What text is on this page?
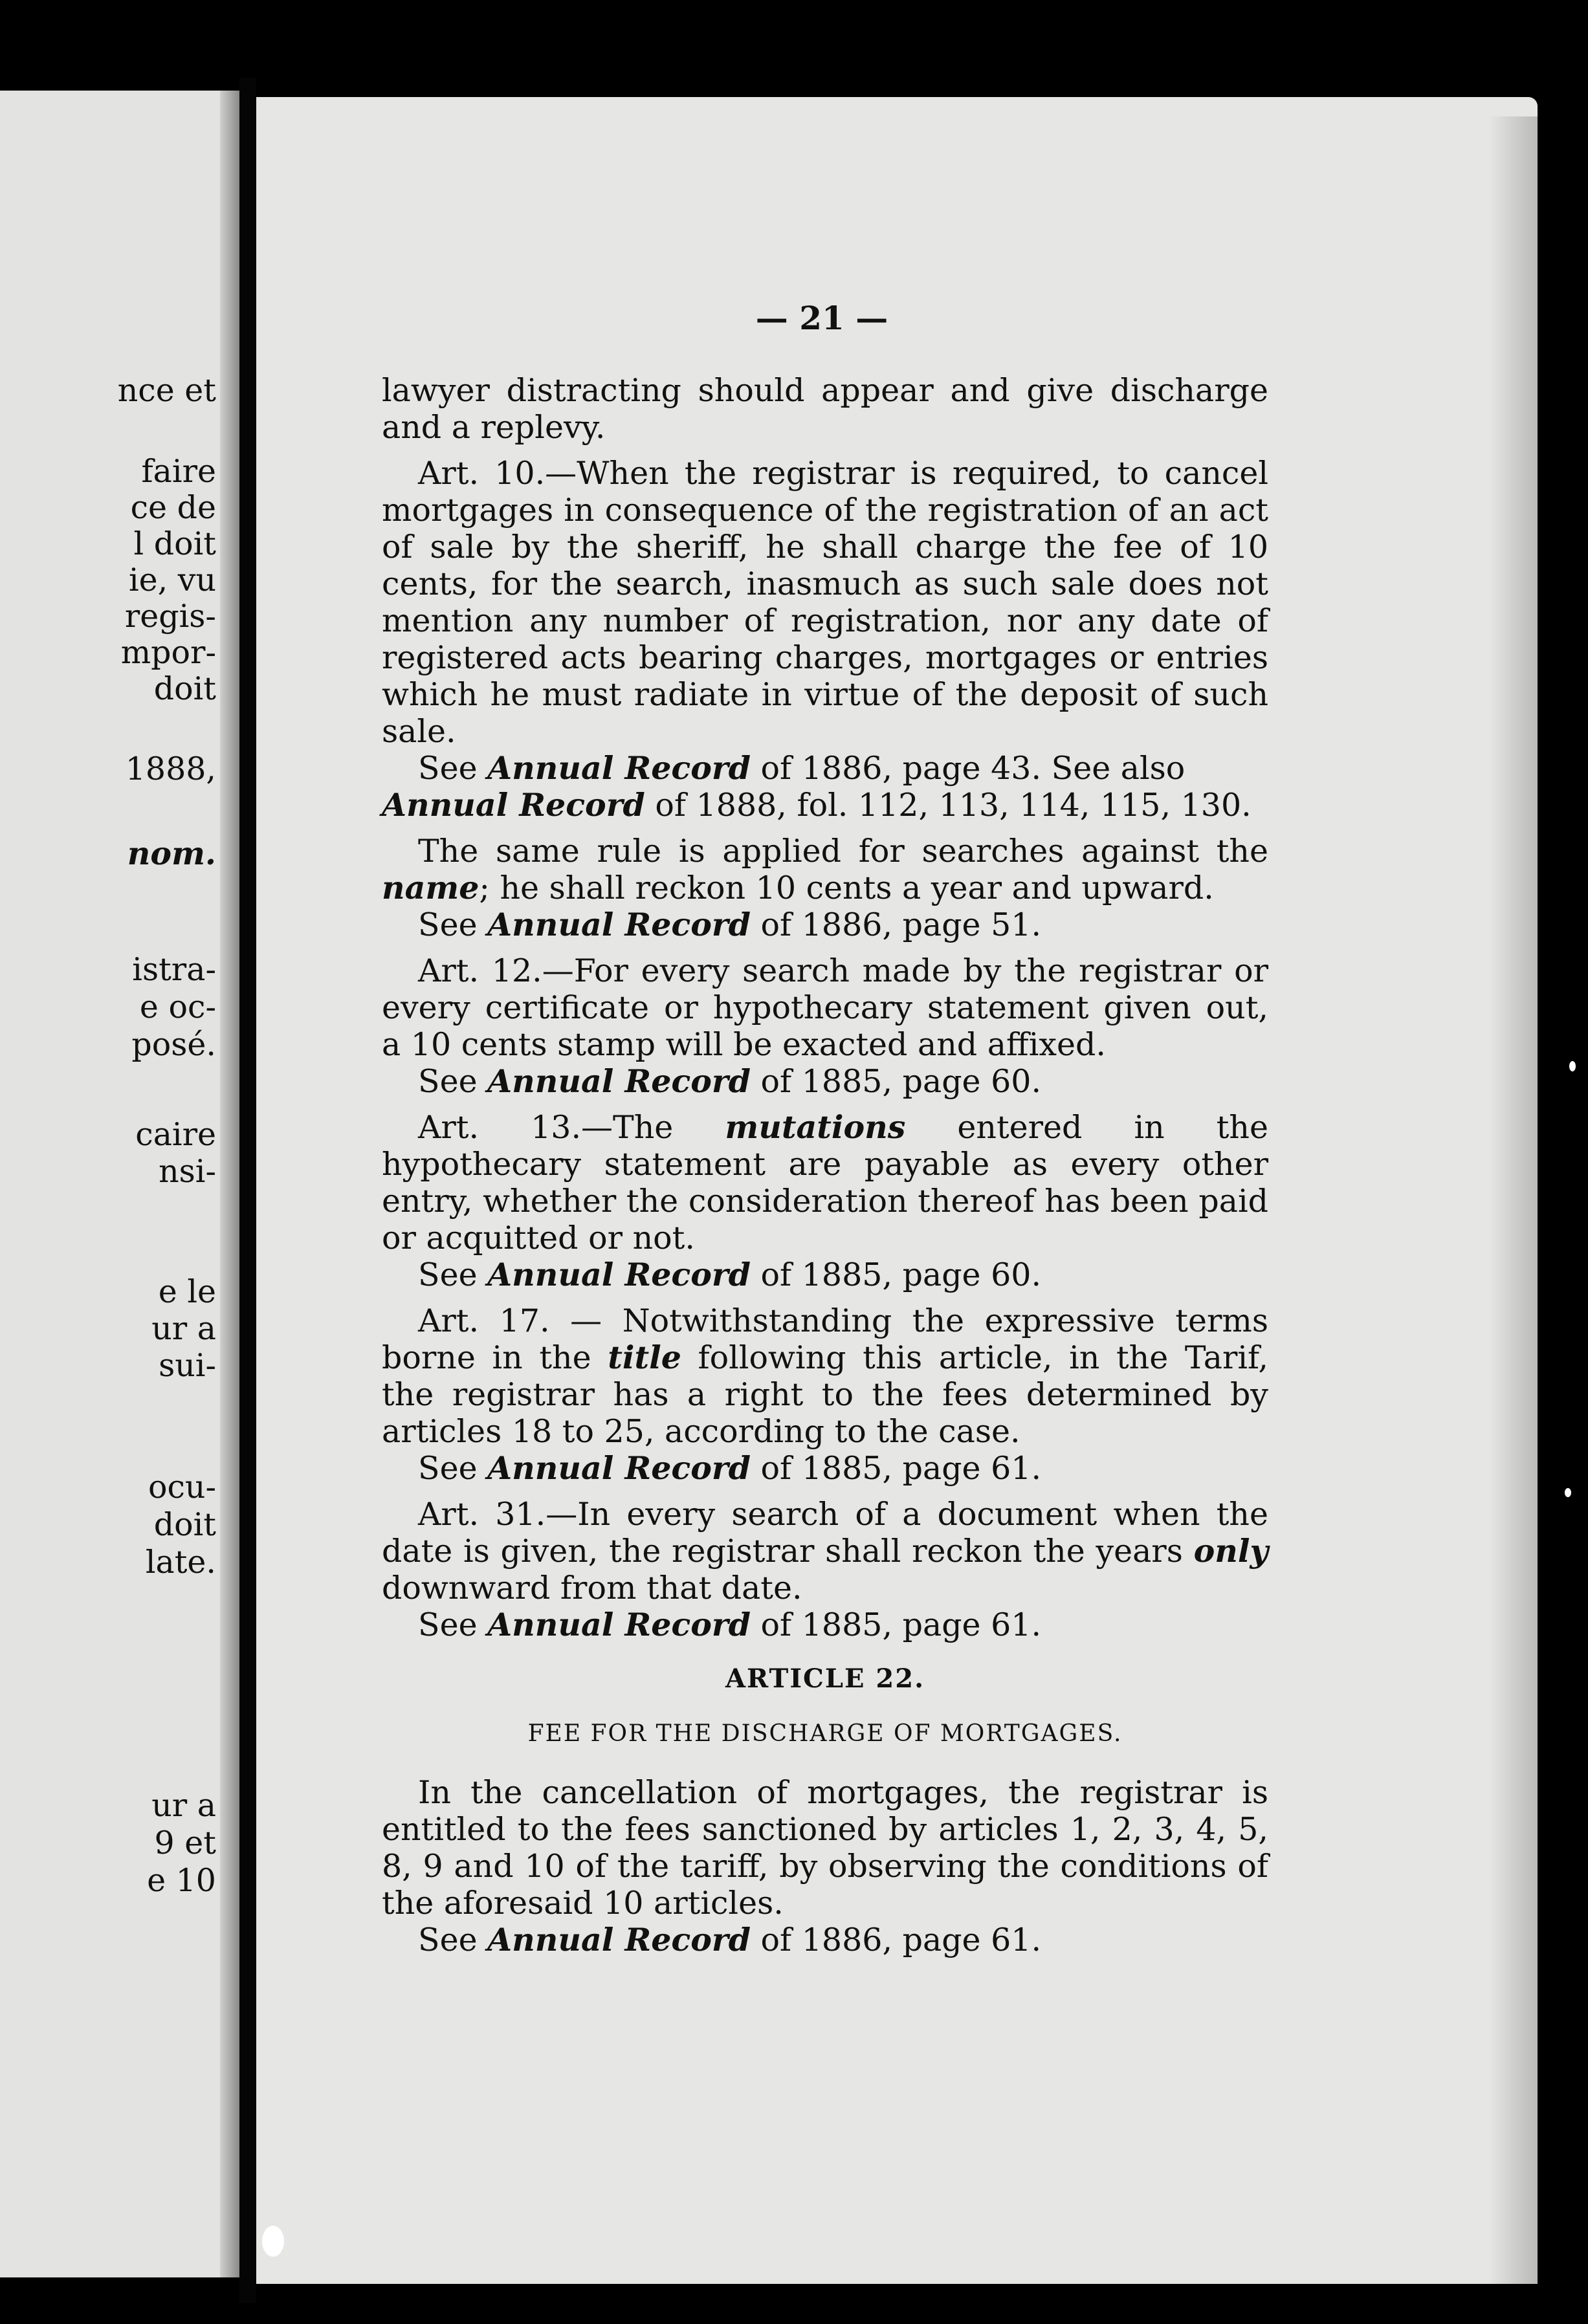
nce et
faire
ce de
l doit
ie, vu
regis-
mpor-
doit
1888,
nom.
istra-
e oc-
posé.
caire
nsi-
e le
ur a
sui-
ocu-
doit
late.
ur a
9 et
e 10
— 21 —

lawyer distracting should appear and give discharge and a replevy.

Art. 10.—When the registrar is required, to cancel mortgages in consequence of the registration of an act of sale by the sheriff, he shall charge the fee of 10 cents, for the search, inasmuch as such sale does not mention any number of registration, nor any date of registered acts bearing charges, mortgages or entries which he must radiate in virtue of the deposit of such sale.

See Annual Record of 1886, page 43. See also Annual Record of 1888, fol. 112, 113, 114, 115, 130.

The same rule is applied for searches against the name; he shall reckon 10 cents a year and upward.

See Annual Record of 1886, page 51.

Art. 12.—For every search made by the registrar or every certificate or hypothecary statement given out, a 10 cents stamp will be exacted and affixed.

See Annual Record of 1885, page 60.

Art. 13.—The mutations entered in the hypothecary statement are payable as every other entry, whether the consideration thereof has been paid or acquitted or not.

See Annual Record of 1885, page 60.

Art. 17. — Notwithstanding the expressive terms borne in the title following this article, in the Tarif, the registrar has a right to the fees determined by articles 18 to 25, according to the case.

See Annual Record of 1885, page 61.

Art. 31.—In every search of a document when the date is given, the registrar shall reckon the years only downward from that date.

See Annual Record of 1885, page 61.

ARTICLE 22.
FEE FOR THE DISCHARGE OF MORTGAGES.

In the cancellation of mortgages, the registrar is entitled to the fees sanctioned by articles 1, 2, 3, 4, 5, 8, 9 and 10 of the tariff, by observing the conditions of the aforesaid 10 articles.

See Annual Record of 1886, page 61.
